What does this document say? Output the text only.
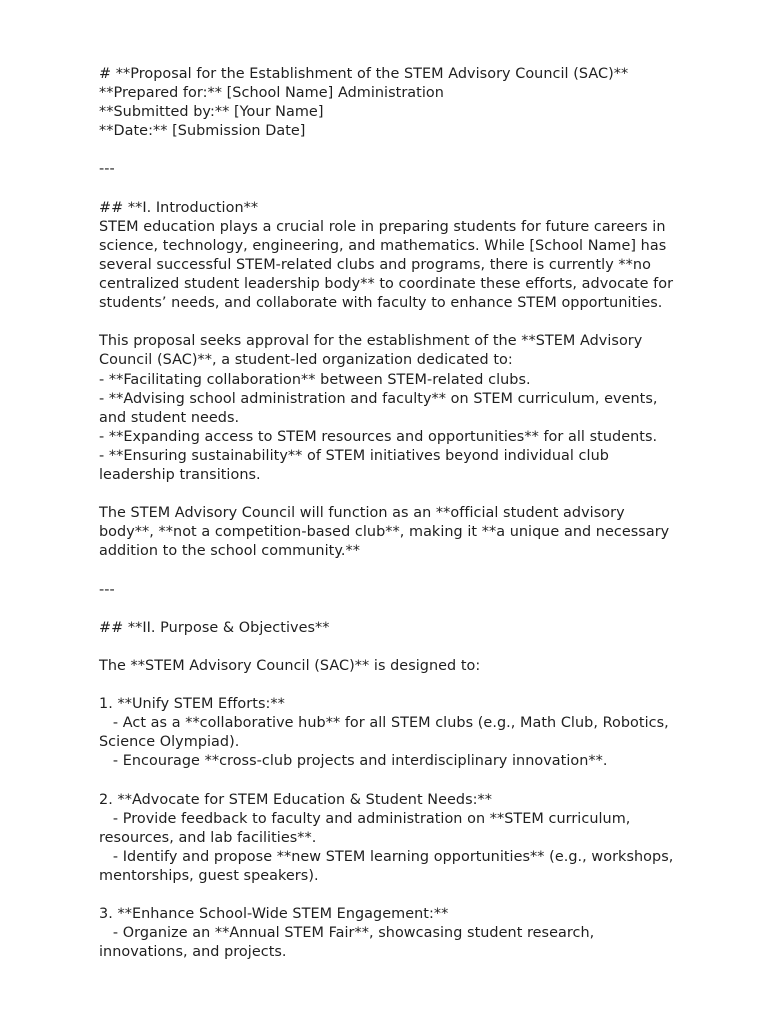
# **Proposal for the Establishment of the STEM Advisory Council (SAC)**
**Prepared for:** [School Name] Administration
**Submitted by:** [Your Name]
**Date:** [Submission Date]
---
## **I. Introduction**
STEM education plays a crucial role in preparing students for future careers in
science, technology, engineering, and mathematics. While [School Name] has
several successful STEM-related clubs and programs, there is currently **no
centralized student leadership body** to coordinate these efforts, advocate for
students’ needs, and collaborate with faculty to enhance STEM opportunities.
This proposal seeks approval for the establishment of the **STEM Advisory
Council (SAC)**, a student-led organization dedicated to:
- **Facilitating collaboration** between STEM-related clubs.
- **Advising school administration and faculty** on STEM curriculum, events,
and student needs.
- **Expanding access to STEM resources and opportunities** for all students.
- **Ensuring sustainability** of STEM initiatives beyond individual club
leadership transitions.
The STEM Advisory Council will function as an **official student advisory
body**, **not a competition-based club**, making it **a unique and necessary
addition to the school community.**
---
## **II. Purpose & Objectives**
The **STEM Advisory Council (SAC)** is designed to:
1. **Unify STEM Efforts:**
- Act as a **collaborative hub** for all STEM clubs (e.g., Math Club, Robotics,
Science Olympiad).
- Encourage **cross-club projects and interdisciplinary innovation**.
2. **Advocate for STEM Education & Student Needs:**
- Provide feedback to faculty and administration on **STEM curriculum,
resources, and lab facilities**.
- Identify and propose **new STEM learning opportunities** (e.g., workshops,
mentorships, guest speakers).
3. **Enhance School-Wide STEM Engagement:**
- Organize an **Annual STEM Fair**, showcasing student research,
innovations, and projects.
